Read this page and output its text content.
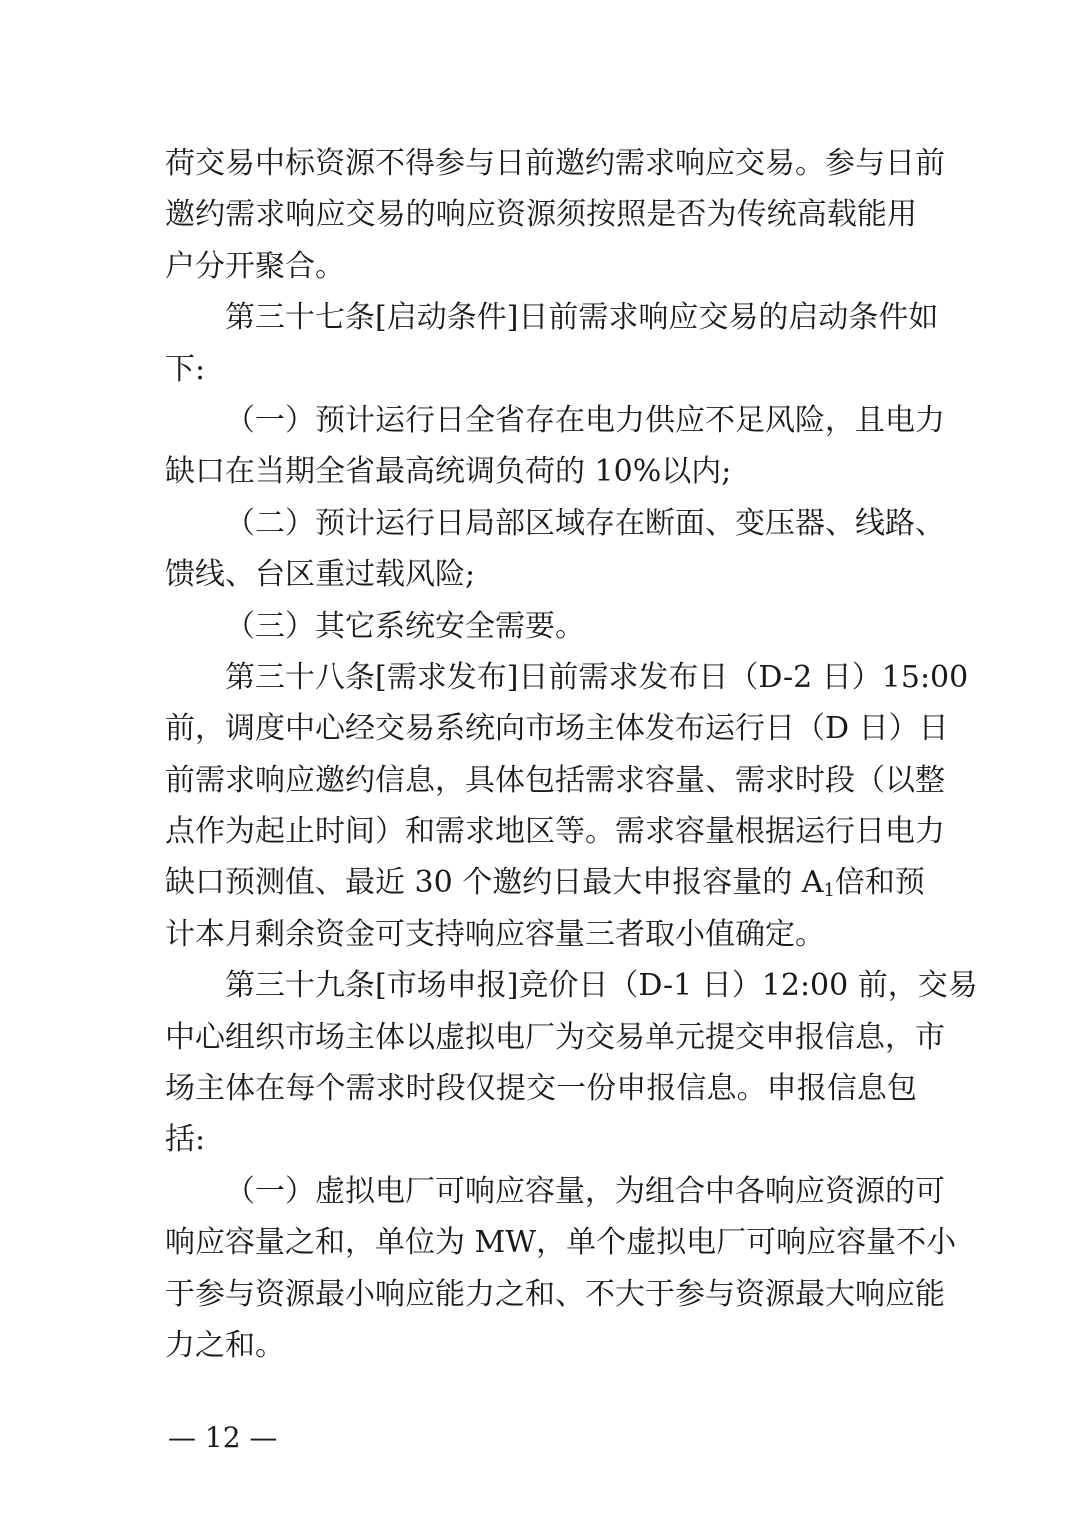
荷交易中标资源不得参与日前邀约需求响应交易。参与日前
邀约需求响应交易的响应资源须按照是否为传统高载能用
户分开聚合。
第三十七条[启动条件]日前需求响应交易的启动条件如
下:
（一）预计运行日全省存在电力供应不足风险，且电力
缺口在当期全省最高统调负荷的 10%以内;
（二）预计运行日局部区域存在断面、变压器、线路、
馈线、台区重过载风险;
（三）其它系统安全需要。
第三十八条[需求发布]日前需求发布日（D-2 日）15:00
前，调度中心经交易系统向市场主体发布运行日（D 日）日
前需求响应邀约信息，具体包括需求容量、需求时段（以整
点作为起止时间）和需求地区等。需求容量根据运行日电力
缺口预测值、最近 30 个邀约日最大申报容量的 $A_1$倍和预
计本月剩余资金可支持响应容量三者取小值确定。
第三十九条[市场申报]竞价日（D-1 日）12:00 前，交易
中心组织市场主体以虚拟电厂为交易单元提交申报信息，市
场主体在每个需求时段仅提交一份申报信息。申报信息包
括:
（一）虚拟电厂可响应容量，为组合中各响应资源的可
响应容量之和，单位为 MW，单个虚拟电厂可响应容量不小
于参与资源最小响应能力之和、不大于参与资源最大响应能
力之和。
— 12 —
